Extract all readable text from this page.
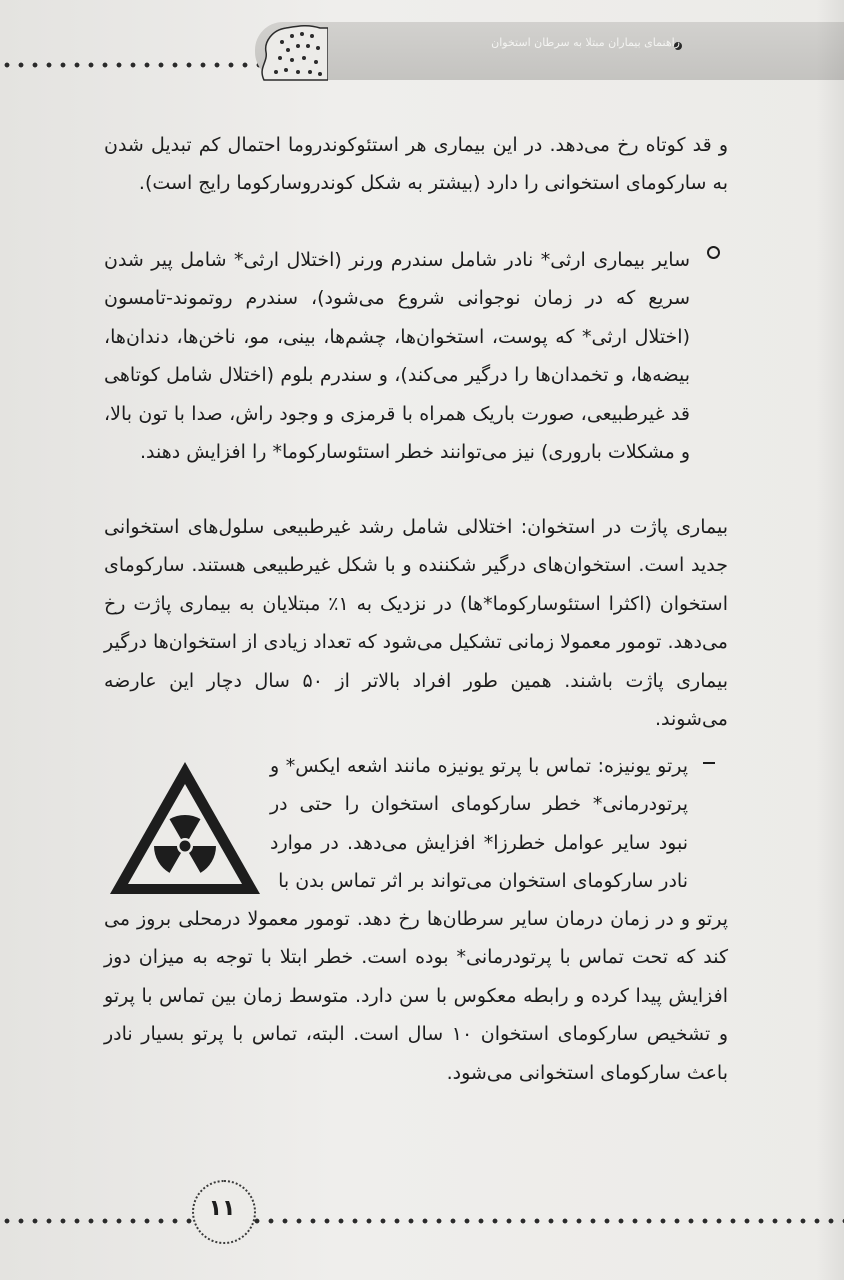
راهنمای بیماران مبتلا به سرطان استخوان
و قد کوتاه رخ می‌دهد. در این بیماری هر استئوکوندروما احتمال کم تبدیل شدن به سارکومای استخوانی را دارد (بیشتر به شکل کوندروسارکوما رایج است).
سایر بیماری ارثی* نادر شامل سندرم ورنر (اختلال ارثی* شامل پیر شدن سریع که در زمان نوجوانی شروع می‌شود)، سندرم روتموند-تامسون (اختلال ارثی* که پوست، استخوان‌ها، چشم‌ها، بینی، مو، ناخن‌ها، دندان‌ها، بیضه‌ها، و تخمدان‌ها را درگیر می‌کند)، و سندرم بلوم (اختلال شامل کوتاهی قد غیرطبیعی، صورت باریک همراه با قرمزی و وجود راش، صدا با تون بالا، و مشکلات باروری) نیز می‌توانند خطر استئوسارکوما* را افزایش دهند.
بیماری پاژت در استخوان: اختلالی شامل رشد غیرطبیعی سلول‌های استخوانی جدید است. استخوان‌های درگیر شکننده و با شکل غیرطبیعی هستند. سارکومای استخوان (اکثرا استئوسارکوما*ها) در نزدیک به ۱٪ مبتلایان به بیماری پاژت رخ می‌دهد. تومور معمولا زمانی تشکیل می‌شود که تعداد زیادی از استخوان‌ها درگیر بیماری پاژت باشند. همین طور افراد بالاتر از ۵۰ سال دچار این عارضه می‌شوند.
پرتو یونیزه: تماس با پرتو یونیزه مانند اشعه ایکس* و پرتودرمانی* خطر سارکومای استخوان را حتی در نبود سایر عوامل خطرزا* افزایش می‌دهد. در موارد نادر سارکومای استخوان می‌تواند بر اثر تماس بدن با
پرتو و در زمان درمان سایر سرطان‌ها رخ دهد. تومور معمولا درمحلی بروز می کند که تحت تماس با پرتودرمانی* بوده است. خطر ابتلا با توجه به میزان دوز افزایش پیدا کرده و رابطه معکوس با سن دارد. متوسط زمان بین تماس با پرتو و تشخیص سارکومای استخوان ۱۰ سال است. البته، تماس با پرتو بسیار نادر باعث سارکومای استخوانی می‌شود.
۱۱
